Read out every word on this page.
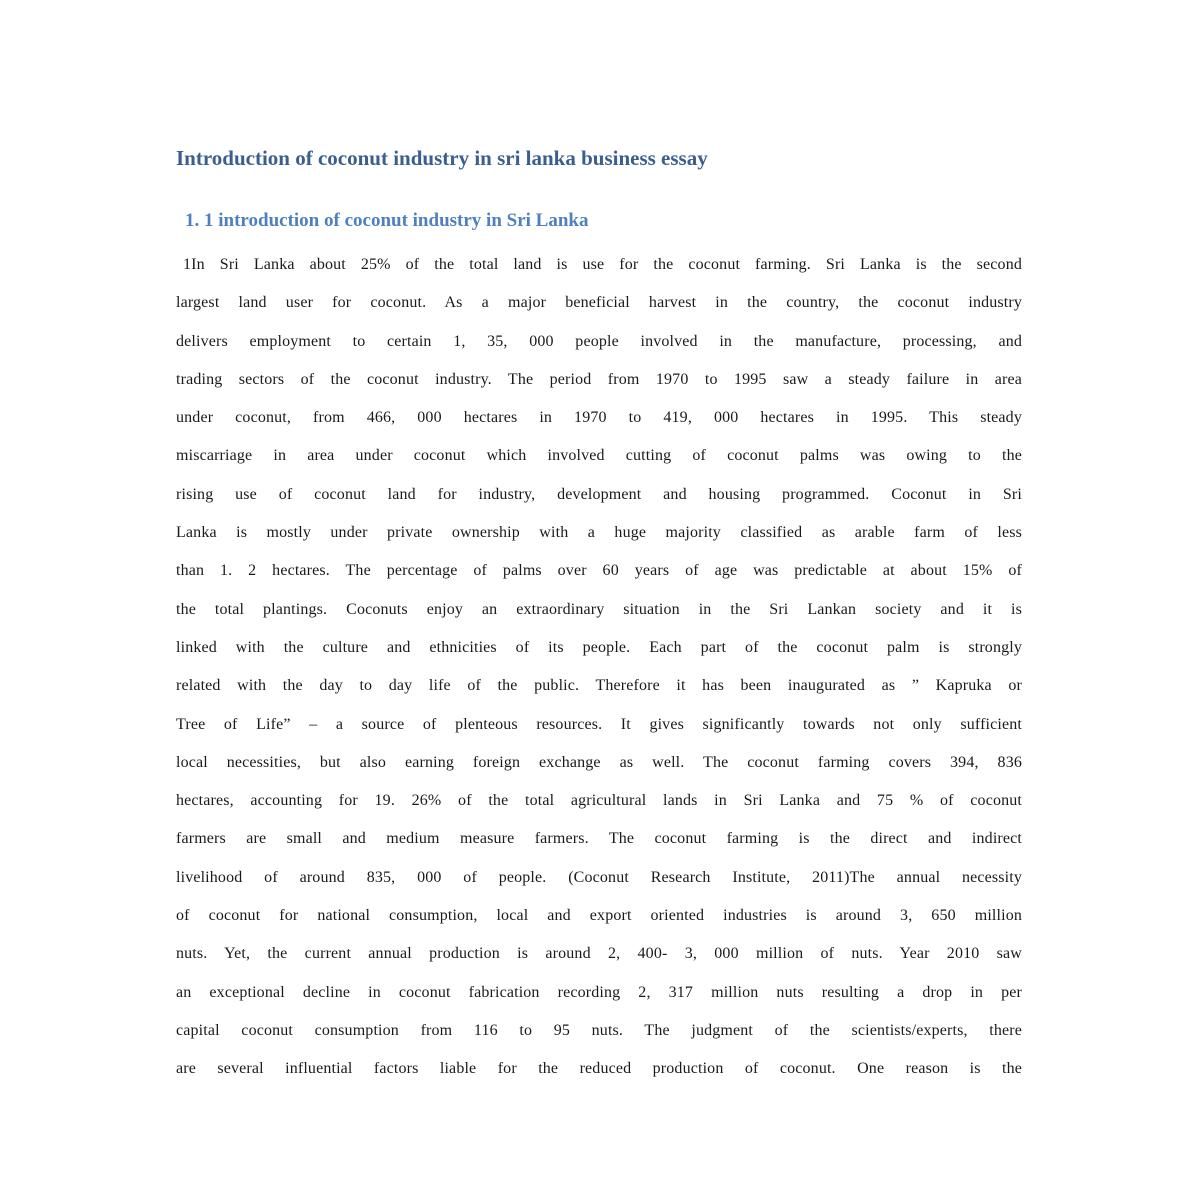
Introduction of coconut industry in sri lanka business essay
1. 1 introduction of coconut industry in Sri Lanka
1In Sri Lanka about 25% of the total land is use for the coconut farming. Sri Lanka is the second
largest land user for coconut. As a major beneficial harvest in the country, the coconut industry
delivers employment to certain 1, 35, 000 people involved in the manufacture, processing, and
trading sectors of the coconut industry. The period from 1970 to 1995 saw a steady failure in area
under coconut, from 466, 000 hectares in 1970 to 419, 000 hectares in 1995. This steady
miscarriage in area under coconut which involved cutting of coconut palms was owing to the
rising use of coconut land for industry, development and housing programmed. Coconut in Sri
Lanka is mostly under private ownership with a huge majority classified as arable farm of less
than 1. 2 hectares. The percentage of palms over 60 years of age was predictable at about 15% of
the total plantings. Coconuts enjoy an extraordinary situation in the Sri Lankan society and it is
linked with the culture and ethnicities of its people. Each part of the coconut palm is strongly
related with the day to day life of the public. Therefore it has been inaugurated as ” Kapruka or
Tree of Life” – a source of plenteous resources. It gives significantly towards not only sufficient
local necessities, but also earning foreign exchange as well. The coconut farming covers 394, 836
hectares, accounting for 19. 26% of the total agricultural lands in Sri Lanka and 75 % of coconut
farmers are small and medium measure farmers. The coconut farming is the direct and indirect
livelihood of around 835, 000 of people. (Coconut Research Institute, 2011)The annual necessity
of coconut for national consumption, local and export oriented industries is around 3, 650 million
nuts. Yet, the current annual production is around 2, 400- 3, 000 million of nuts. Year 2010 saw
an exceptional decline in coconut fabrication recording 2, 317 million nuts resulting a drop in per
capital coconut consumption from 116 to 95 nuts. The judgment of the scientists/experts, there
are several influential factors liable for the reduced production of coconut. One reason is the
